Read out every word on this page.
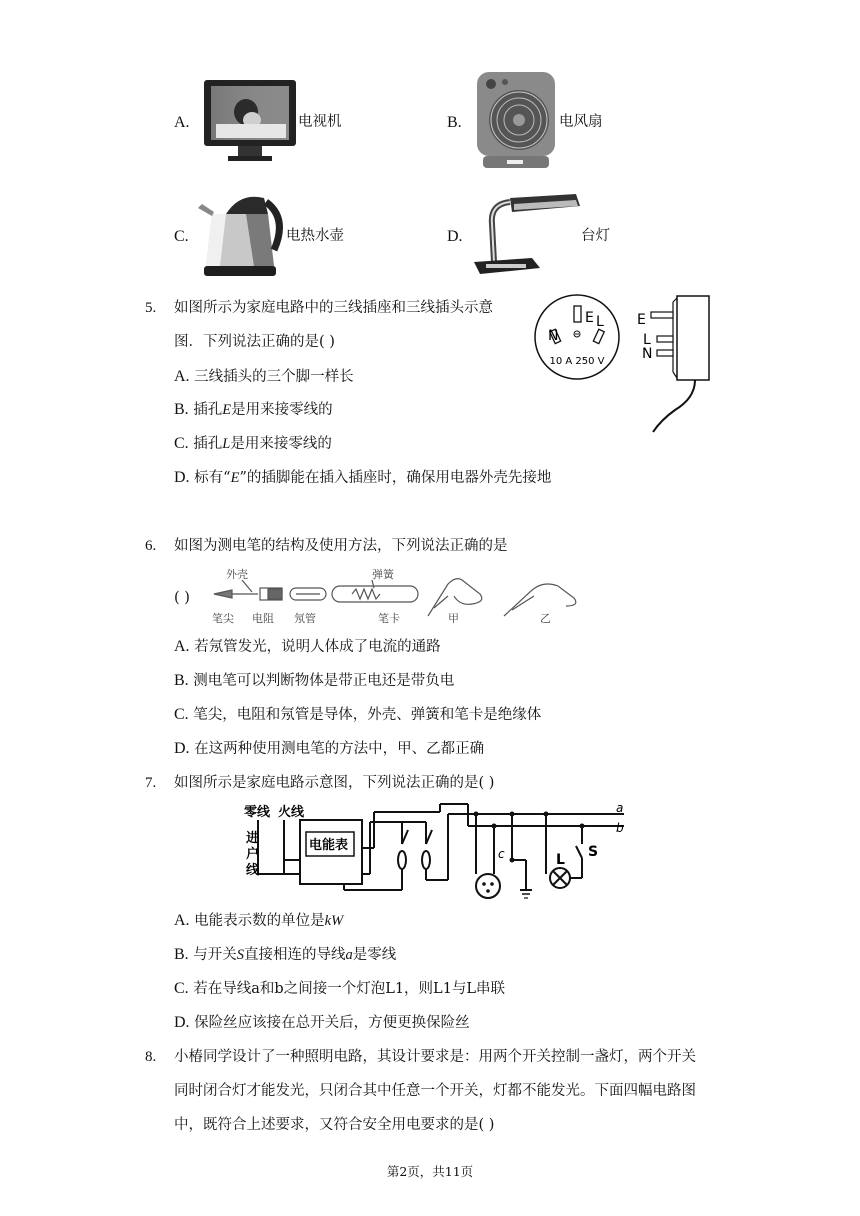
A.	电视机	B.	电风扇
C.	电热水壶	D.	台灯
5. 如图所示为家庭电路中的三线插座和三线插头示意
图．下列说法正确的是( )
A. 三线插头的三个脚一样长
B. 插孔E是用来接零线的
C. 插孔L是用来接零线的
D. 标有“E”的插脚能在插入插座时，确保用电器外壳先接地
N
E L
10 A 250 V
E
L
N
6. 如图为测电笔的结构及使用方法，下列说法正确的是
( )
外壳	弹簧
笔尖 电阻 氖管	笔卡	甲	乙
A. 若氖管发光，说明人体成了电流的通路
B. 测电笔可以判断物体是带正电还是带负电
C. 笔尖，电阻和氖管是导体，外壳、弹簧和笔卡是绝缘体
D. 在这两种使用测电笔的方法中，甲、乙都正确
7. 如图所示是家庭电路示意图，下列说法正确的是( )
零线 火线
进
户
线
电能表
a
b
c	L S
A. 电能表示数的单位是kW
B. 与开关S直接相连的导线a是零线
C. 若在导线a和b之间接一个灯泡L1，则L1与L串联
D. 保险丝应该接在总开关后，方便更换保险丝
8. 小椿同学设计了一种照明电路，其设计要求是：用两个开关控制一盏灯，两个开关
同时闭合灯才能发光，只闭合其中任意一个开关，灯都不能发光。下面四幅电路图
中，既符合上述要求，又符合安全用电要求的是( )
第2页，共11页
